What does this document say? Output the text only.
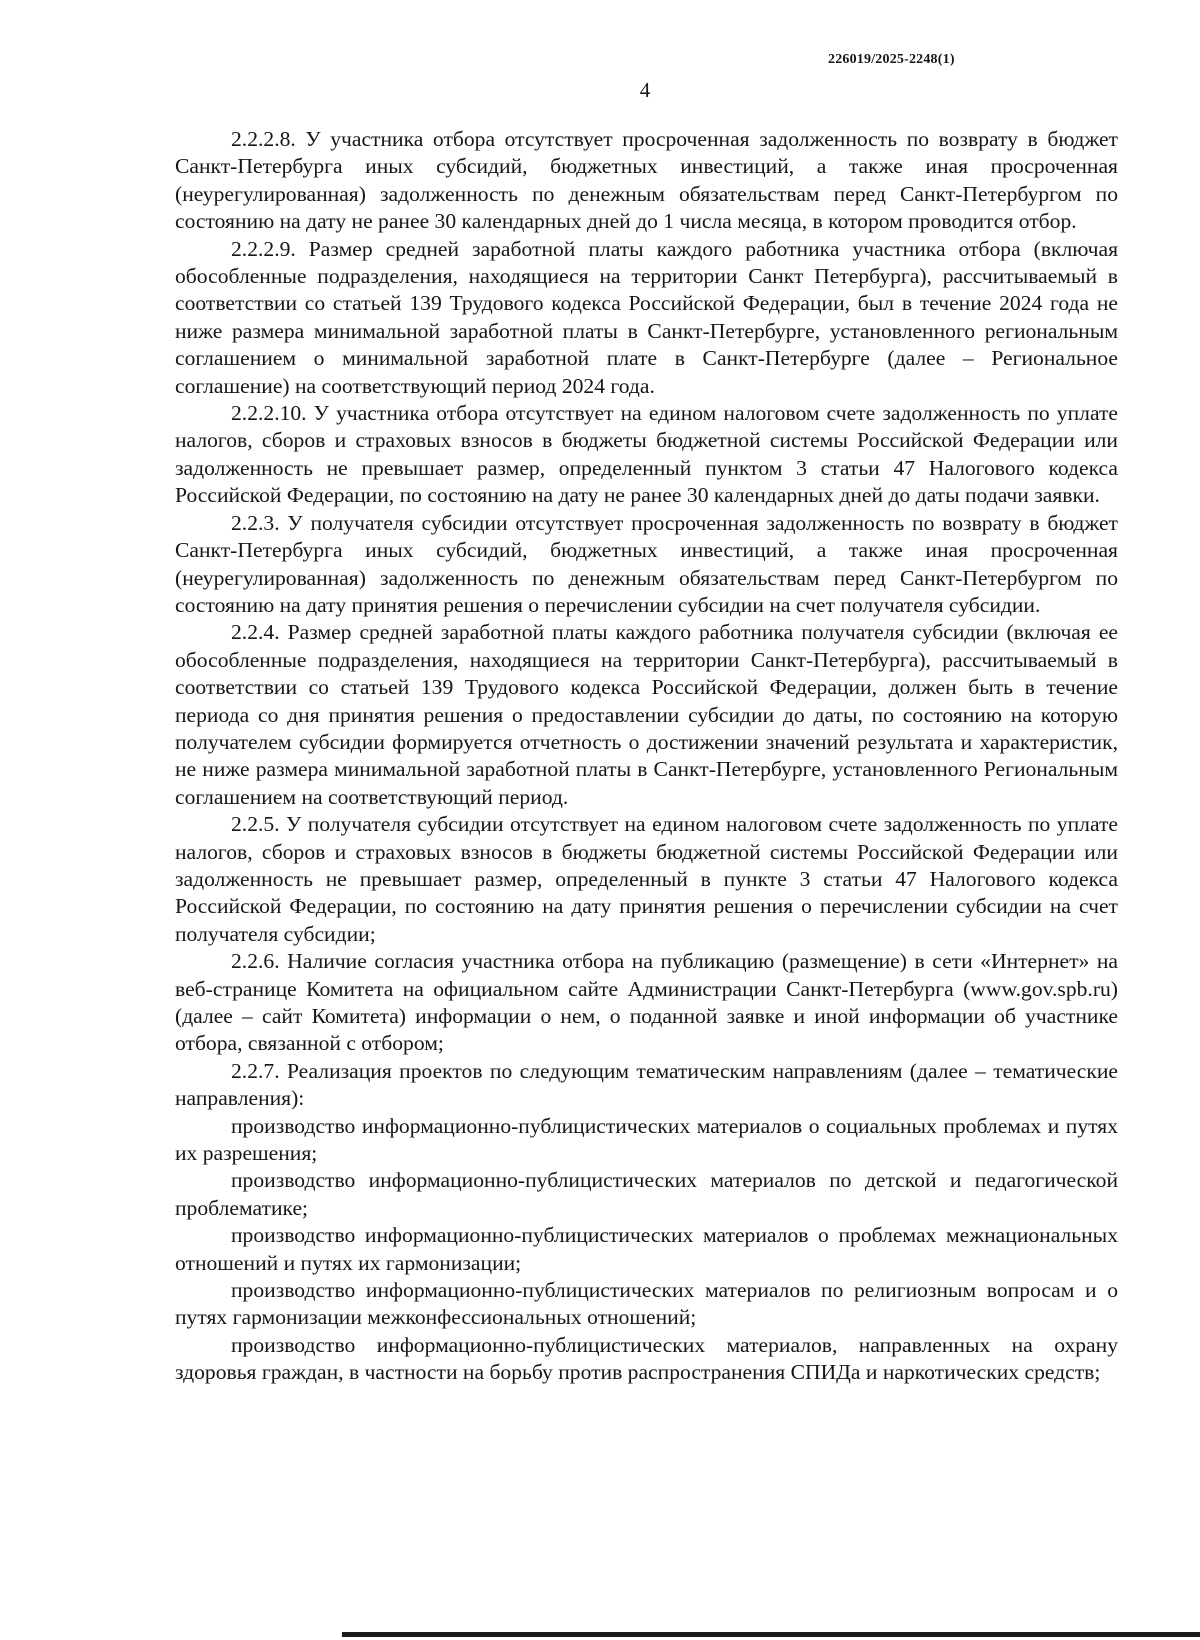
226019/2025-2248(1)
4

2.2.2.8. У участника отбора отсутствует просроченная задолженность по возврату в бюджет Санкт-Петербурга иных субсидий, бюджетных инвестиций, а также иная просроченная (неурегулированная) задолженность по денежным обязательствам перед Санкт-Петербургом по состоянию на дату не ранее 30 календарных дней до 1 числа месяца, в котором проводится отбор.

2.2.2.9. Размер средней заработной платы каждого работника участника отбора (включая обособленные подразделения, находящиеся на территории Санкт Петербурга), рассчитываемый в соответствии со статьей 139 Трудового кодекса Российской Федерации, был в течение 2024 года не ниже размера минимальной заработной платы в Санкт-Петербурге, установленного региональным соглашением о минимальной заработной плате в Санкт-Петербурге (далее – Региональное соглашение) на соответствующий период 2024 года.

2.2.2.10. У участника отбора отсутствует на едином налоговом счете задолженность по уплате налогов, сборов и страховых взносов в бюджеты бюджетной системы Российской Федерации или задолженность не превышает размер, определенный пунктом 3 статьи 47 Налогового кодекса Российской Федерации, по состоянию на дату не ранее 30 календарных дней до даты подачи заявки.

2.2.3. У получателя субсидии отсутствует просроченная задолженность по возврату в бюджет Санкт-Петербурга иных субсидий, бюджетных инвестиций, а также иная просроченная (неурегулированная) задолженность по денежным обязательствам перед Санкт-Петербургом по состоянию на дату принятия решения о перечислении субсидии на счет получателя субсидии.

2.2.4. Размер средней заработной платы каждого работника получателя субсидии (включая ее обособленные подразделения, находящиеся на территории Санкт-Петербурга), рассчитываемый в соответствии со статьей 139 Трудового кодекса Российской Федерации, должен быть в течение периода со дня принятия решения о предоставлении субсидии до даты, по состоянию на которую получателем субсидии формируется отчетность о достижении значений результата и характеристик, не ниже размера минимальной заработной платы в Санкт-Петербурге, установленного Региональным соглашением на соответствующий период.

2.2.5. У получателя субсидии отсутствует на едином налоговом счете задолженность по уплате налогов, сборов и страховых взносов в бюджеты бюджетной системы Российской Федерации или задолженность не превышает размер, определенный в пункте 3 статьи 47 Налогового кодекса Российской Федерации, по состоянию на дату принятия решения о перечислении субсидии на счет получателя субсидии;

2.2.6. Наличие согласия участника отбора на публикацию (размещение) в сети «Интернет» на веб-странице Комитета на официальном сайте Администрации Санкт-Петербурга (www.gov.spb.ru) (далее – сайт Комитета) информации о нем, о поданной заявке и иной информации об участнике отбора, связанной с отбором;

2.2.7. Реализация проектов по следующим тематическим направлениям (далее – тематические направления):

производство информационно-публицистических материалов о социальных проблемах и путях их разрешения;

производство информационно-публицистических материалов по детской и педагогической проблематике;

производство информационно-публицистических материалов о проблемах межнациональных отношений и путях их гармонизации;

производство информационно-публицистических материалов по религиозным вопросам и о путях гармонизации межконфессиональных отношений;

производство информационно-публицистических материалов, направленных на охрану здоровья граждан, в частности на борьбу против распространения СПИДа и наркотических средств;
